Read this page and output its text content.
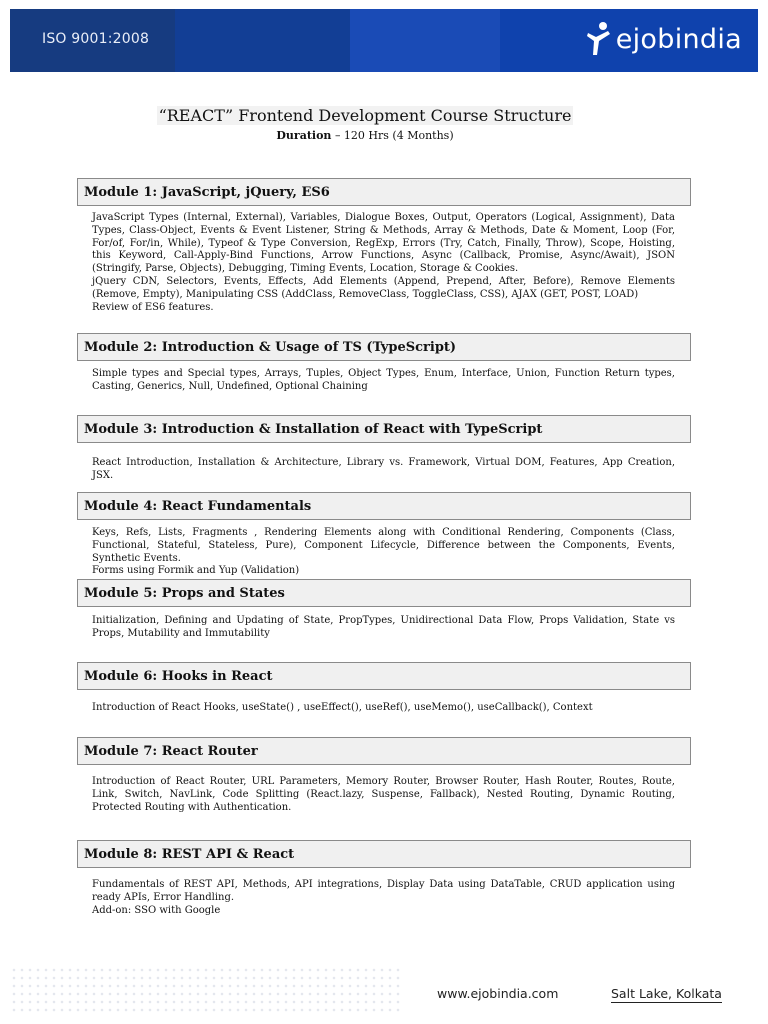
ISO 9001:2008	ejobindia
“REACT” Frontend Development Course Structure
Duration – 120 Hrs (4 Months)
Module 1: JavaScript, jQuery, ES6

JavaScript Types (Internal, External), Variables, Dialogue Boxes, Output, Operators (Logical, Assignment), Data Types, Class-Object, Events & Event Listener, String & Methods, Array & Methods, Date & Moment, Loop (For, For/of, For/in, While), Typeof & Type Conversion, RegExp, Errors (Try, Catch, Finally, Throw), Scope, Hoisting, this Keyword, Call-Apply-Bind Functions, Arrow Functions, Async (Callback, Promise, Async/Await), JSON (Stringify, Parse, Objects), Debugging, Timing Events, Location, Storage & Cookies.

jQuery CDN, Selectors, Events, Effects, Add Elements (Append, Prepend, After, Before), Remove Elements (Remove, Empty), Manipulating CSS (AddClass, RemoveClass, ToggleClass, CSS), AJAX (GET, POST, LOAD)

Review of ES6 features.

Module 2: Introduction & Usage of TS (TypeScript)

Simple types and Special types, Arrays, Tuples, Object Types, Enum, Interface, Union, Function Return types, Casting, Generics, Null, Undefined, Optional Chaining

Module 3: Introduction & Installation of React with TypeScript

React Introduction, Installation & Architecture, Library vs. Framework, Virtual DOM, Features, App Creation, JSX.

Module 4: React Fundamentals

Keys, Refs, Lists, Fragments , Rendering Elements along with Conditional Rendering, Components (Class, Functional, Stateful, Stateless, Pure), Component Lifecycle, Difference between the Components, Events, Synthetic Events.

Forms using Formik and Yup (Validation)

Module 5: Props and States

Initialization, Defining and Updating of State, PropTypes, Unidirectional Data Flow, Props Validation, State vs Props, Mutability and Immutability

Module 6: Hooks in React

Introduction of React Hooks, useState() , useEffect(), useRef(), useMemo(), useCallback(), Context

Module 7: React Router

Introduction of React Router, URL Parameters, Memory Router, Browser Router, Hash Router, Routes, Route, Link, Switch, NavLink, Code Splitting (React.lazy, Suspense, Fallback), Nested Routing, Dynamic Routing, Protected Routing with Authentication.

Module 8: REST API & React

Fundamentals of REST API, Methods, API integrations, Display Data using DataTable, CRUD application using ready APIs, Error Handling.

Add-on: SSO with Google

www.ejobindia.com	Salt Lake, Kolkata
